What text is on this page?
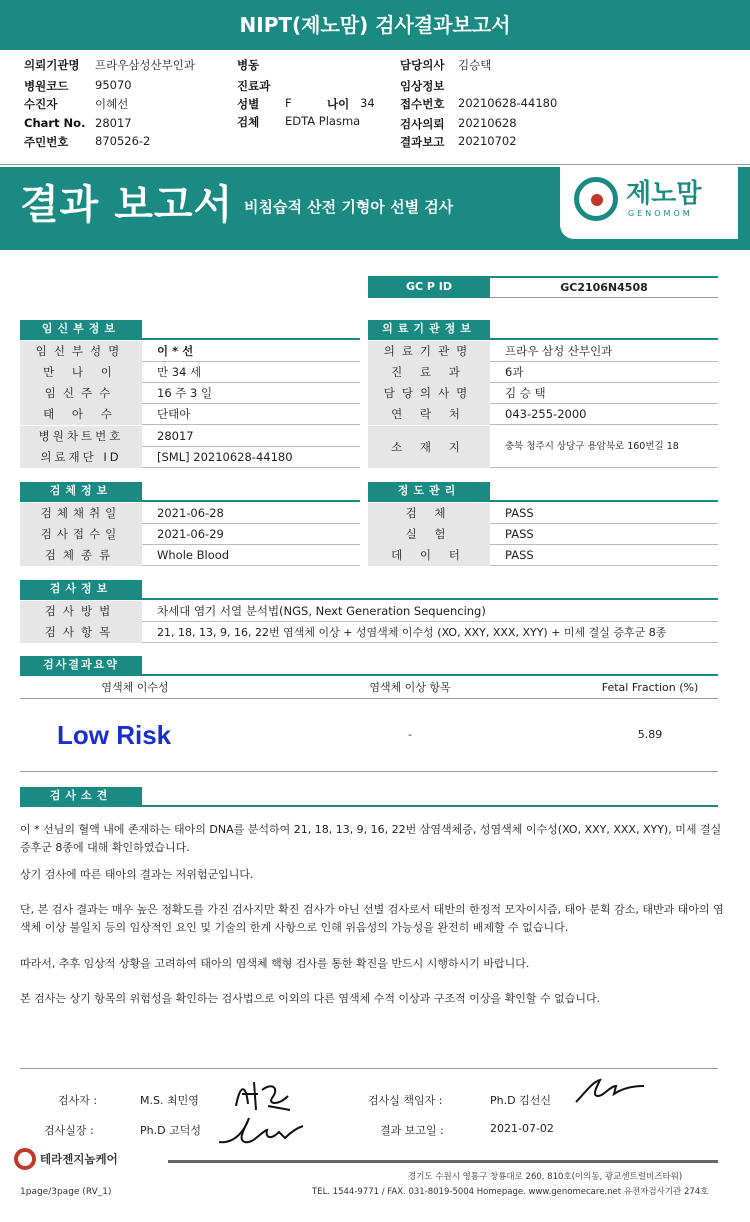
NIPT(제노맘) 검사결과보고서
의뢰기관명 프라우삼성산부인과
병원코드 95070
수진자	이혜선
Chart No. 28017
주민번호 870526-2
병동
진료과
성별 F	나이 34
검체 EDTA Plasma
담당의사 김승택
임상정보
접수번호 20210628-44180
검사의뢰 20210628
결과보고 20210702
결과 보고서 비침습적 산전 기형아 선별 검사	제노맘
GENOMOM
GC P ID	GC2106N4508
임신부정보
임신부성명	이 * 선
만 나 이	만 34 세
임신주수	16 주 3 일
태 아 수	단태아
병원차트번호	28017
의료재단 ID	[SML] 20210628-44180
의료기관정보
의료기관명	프라우 삼성 산부인과
진 료 과	6과
담당의사명	김 승 택
연 락 처	043-255-2000
소 재 지	충북 청주시 상당구 용암북로 160번길 18
검체정보
검체채취일	2021-06-28
검사접수일	2021-06-29
검체종류	Whole Blood
정도관리
검 체	PASS
실 험	PASS
데 이 터	PASS
검사정보
검사방법	차세대 염기 서열 분석법(NGS, Next Generation Sequencing)
검사항목	21, 18, 13, 9, 16, 22번 염색체 이상 + 성염색체 이수성 (XO, XXY, XXX, XYY) + 미세 결실 증후군 8종
검사결과요약
염색체 이수성	염색체 이상 항목	Fetal Fraction (%)
Low Risk	-	5.89
검사소견
이 * 선님의 혈액 내에 존재하는 태아의 DNA를 분석하여 21, 18, 13, 9, 16, 22번 삼염색체증, 성염색체 이수성(XO, XXY, XXX, XYY), 미세 결실 증후군 8종에 대해 확인하였습니다.
상기 검사에 따른 태아의 결과는 저위험군입니다.
단, 본 검사 결과는 매우 높은 정확도를 가진 검사지만 확진 검사가 아닌 선별 검사로서 태반의 한정적 모자이시즘, 태아 분획 감소, 태반과 태아의 염색체 이상 불일치 등의 임상적인 요인 및 기술의 한계 사항으로 인해 위음성의 가능성을 완전히 배제할 수 없습니다.
따라서, 추후 임상적 상황을 고려하여 태아의 염색체 핵형 검사를 통한 확진을 반드시 시행하시기 바랍니다.
본 검사는 상기 항목의 위험성을 확인하는 검사법으로 이외의 다른 염색체 수적 이상과 구조적 이상을 확인할 수 없습니다.
검사자 :	M.S. 최민영	검사실 책임자 :	Ph.D 김선신
검사실장 :	Ph.D 고덕성	결과 보고일 :	2021-07-02
테라젠지놈케어
경기도 수원시 영통구 창룡대로 260, 810호(이의동, 광교센트럴비즈타워)
TEL. 1544-9771 / FAX. 031-8019-5004 Homepage. www.genomecare.net 유전자검사기관 274호
1page/3page (RV_1)
